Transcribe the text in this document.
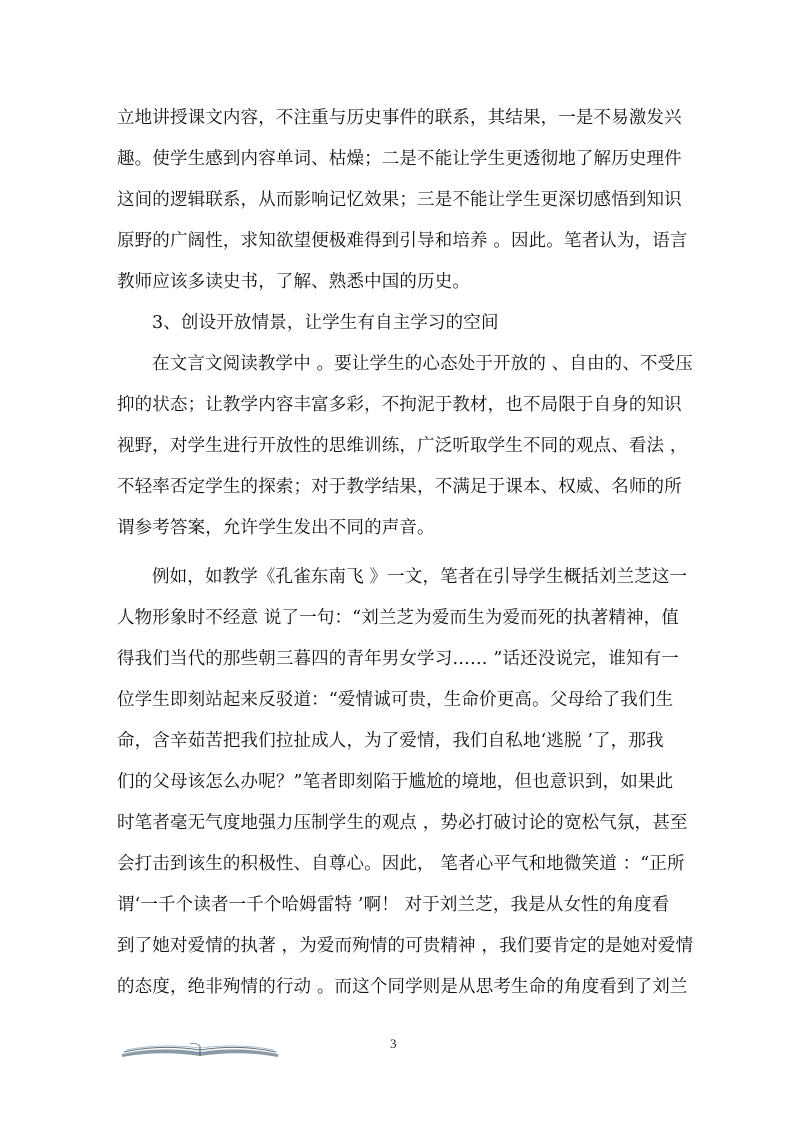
立地讲授课文内容，不注重与历史事件的联系，其结果，一是不易激发兴
趣。使学生感到内容单词、枯燥；二是不能让学生更透彻地了解历史理件
这间的逻辑联系，从而影响记忆效果；三是不能让学生更深切感悟到知识
原野的广阔性，求知欲望便极难得到引导和培养 。因此。笔者认为，语言
教师应该多读史书，了解、熟悉中国的历史。
3、创设开放情景，让学生有自主学习的空间
在文言文阅读教学中 。要让学生的心态处于开放的 、自由的、不受压
抑的状态；让教学内容丰富多彩，不拘泥于教材，也不局限于自身的知识
视野，对学生进行开放性的思维训练，广泛听取学生不同的观点、看法 ，
不轻率否定学生的探索；对于教学结果，不满足于课本、权威、名师的所
谓参考答案，允许学生发出不同的声音。
例如，如教学《孔雀东南飞 》一文，笔者在引导学生概括刘兰芝这一
人物形象时不经意 说了一句：“刘兰芝为爱而生为爱而死的执著精神，值
得我们当代的那些朝三暮四的青年男女学习…… ”话还没说完，谁知有一
位学生即刻站起来反驳道：“爱情诚可贵，生命价更高。父母给了我们生
命，含辛茹苦把我们拉扯成人，为了爱情，我们自私地‘逃脱 ’了，那我
们的父母该怎么办呢？”笔者即刻陷于尴尬的境地，但也意识到，如果此
时笔者毫无气度地强力压制学生的观点 ，势必打破讨论的宽松气氛，甚至
会打击到该生的积极性、自尊心。因此， 笔者心平气和地微笑道 ：“正所
谓‘一千个读者一千个哈姆雷特 ’啊！ 对于刘兰芝，我是从女性的角度看
到了她对爱情的执著 ，为爱而殉情的可贵精神 ，我们要肯定的是她对爱情
的态度，绝非殉情的行动 。而这个同学则是从思考生命的角度看到了刘兰
3
